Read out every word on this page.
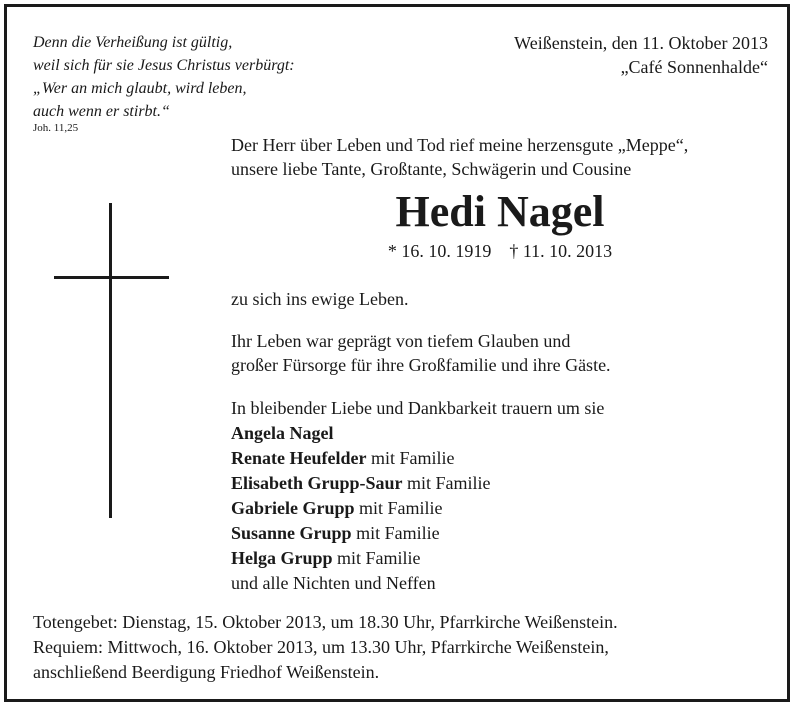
Denn die Verheißung ist gültig,
weil sich für sie Jesus Christus verbürgt:
„Wer an mich glaubt, wird leben,
auch wenn er stirbt.“
Joh. 11,25
Weißenstein, den 11. Oktober 2013
„Café Sonnenhalde“
Der Herr über Leben und Tod rief meine herzensgute „Meppe“,
unsere liebe Tante, Großtante, Schwägerin und Cousine
Hedi Nagel
* 16. 10. 1919 † 11. 10. 2013
zu sich ins ewige Leben.
Ihr Leben war geprägt von tiefem Glauben und
großer Fürsorge für ihre Großfamilie und ihre Gäste.
In bleibender Liebe und Dankbarkeit trauern um sie
Angela Nagel
Renate Heufelder mit Familie
Elisabeth Grupp-Saur mit Familie
Gabriele Grupp mit Familie
Susanne Grupp mit Familie
Helga Grupp mit Familie
und alle Nichten und Neffen
Totengebet: Dienstag, 15. Oktober 2013, um 18.30 Uhr, Pfarrkirche Weißenstein.
Requiem: Mittwoch, 16. Oktober 2013, um 13.30 Uhr, Pfarrkirche Weißenstein,
anschließend Beerdigung Friedhof Weißenstein.
